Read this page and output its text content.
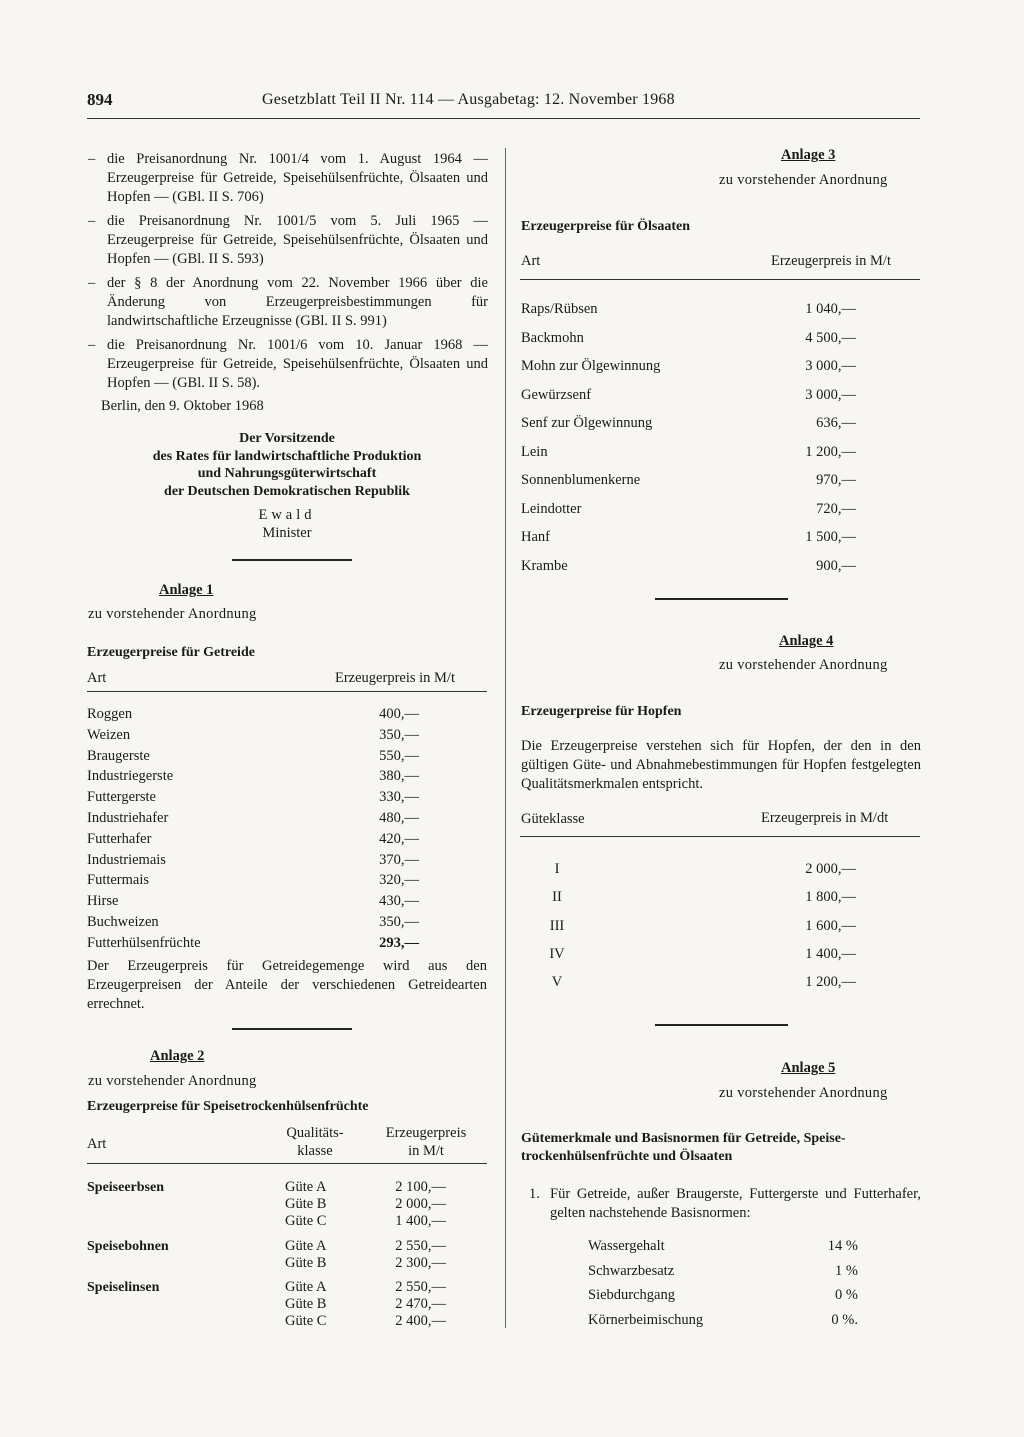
894	Gesetzblatt Teil II Nr. 114 — Ausgabetag: 12. November 1968
– die Preisanordnung Nr. 1001/4 vom 1. August 1964 — Erzeugerpreise für Getreide, Speisehülsenfrüchte, Ölsaaten und Hopfen — (GBl. II S. 706)
– die Preisanordnung Nr. 1001/5 vom 5. Juli 1965 — Erzeugerpreise für Getreide, Speisehülsenfrüchte, Ölsaaten und Hopfen — (GBl. II S. 593)
– der § 8 der Anordnung vom 22. November 1966 über die Änderung von Erzeugerpreisbestimmungen für landwirtschaftliche Erzeugnisse (GBl. II S. 991)
– die Preisanordnung Nr. 1001/6 vom 10. Januar 1968 — Erzeugerpreise für Getreide, Speisehülsenfrüchte, Ölsaaten und Hopfen — (GBl. II S. 58).
Berlin, den 9. Oktober 1968
Der Vorsitzende
des Rates für landwirtschaftliche Produktion
und Nahrungsgüterwirtschaft
der Deutschen Demokratischen Republik
Ewald
Minister
Anlage 1
zu vorstehender Anordnung
Erzeugerpreise für Getreide
Art	Erzeugerpreis in M/t
Roggen	400,—
Weizen	350,—
Braugerste	550,—
Industriegerste	380,—
Futtergerste	330,—
Industriehafer	480,—
Futterhafer	420,—
Industriemais	370,—
Futtermais	320,—
Hirse	430,—
Buchweizen	350,—
Futterhülsenfrüchte	293,—
Der Erzeugerpreis für Getreidegemenge wird aus den Erzeugerpreisen der Anteile der verschiedenen Getreidearten errechnet.
Anlage 2
zu vorstehender Anordnung
Erzeugerpreise für Speisetrockenhülsenfrüchte
Art
Qualitäts-
klasse
Erzeugerpreis
in M/t
Speiseerbsen	Güte A	2 100,—
Güte B	2 000,—
Güte C	1 400,—
Speisebohnen	Güte A	2 550,—
Güte B	2 300,—
Speiselinsen	Güte A	2 550,—
Güte B	2 470,—
Güte C	2 400,—
Anlage 3
zu vorstehender Anordnung
Erzeugerpreise für Ölsaaten
Art	Erzeugerpreis in M/t
Raps/Rübsen	1 040,—
Backmohn	4 500,—
Mohn zur Ölgewinnung	3 000,—
Gewürzsenf	3 000,—
Senf zur Ölgewinnung	636,—
Lein	1 200,—
Sonnenblumenkerne	970,—
Leindotter	720,—
Hanf	1 500,—
Krambe	900,—
Anlage 4
zu vorstehender Anordnung
Erzeugerpreise für Hopfen
Die Erzeugerpreise verstehen sich für Hopfen, der den in den gültigen Güte- und Abnahmebestimmungen für Hopfen festgelegten Qualitätsmerkmalen entspricht.
Güteklasse	Erzeugerpreis in M/dt
I	2 000,—
II	1 800,—
III	1 600,—
IV	1 400,—
V	1 200,—
Anlage 5
zu vorstehender Anordnung
Gütemerkmale und Basisnormen für Getreide, Speise-
trockenhülsenfrüchte und Ölsaaten
1. Für Getreide, außer Braugerste, Futtergerste und Futterhafer, gelten nachstehende Basisnormen:
Wassergehalt	14 %
Schwarzbesatz	1 %
Siebdurchgang	0 %
Körnerbeimischung	0 %.
